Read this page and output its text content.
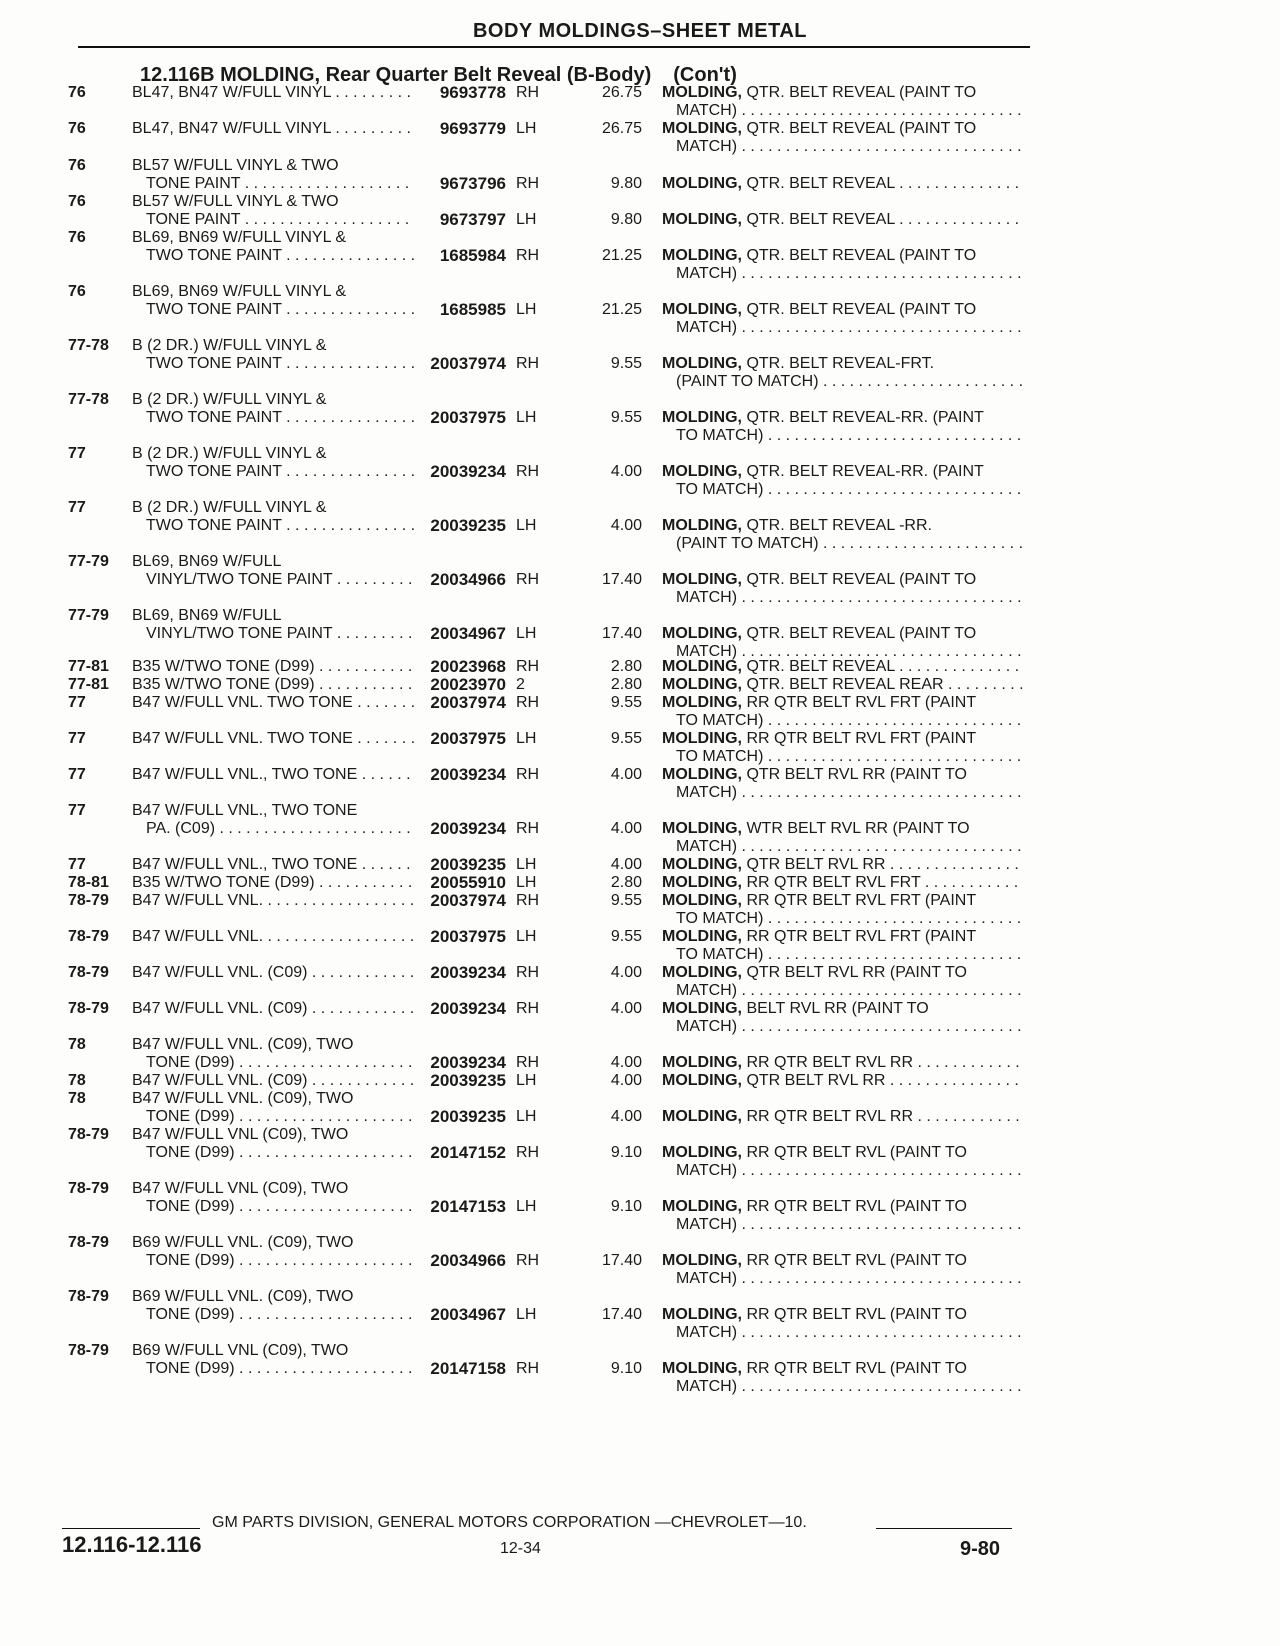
BODY MOLDINGS–SHEET METAL
12.116B MOLDING, Rear Quarter Belt Reveal (B-Body) (Con't)
76	BL47, BN47 W/FULL VINYL . . .	9693778 RH	26.75 MOLDING, QTR. BELT REVEAL (PAINT TO
MATCH) . . .
76	BL47, BN47 W/FULL VINYL . . .	9693779 LH	26.75 MOLDING, QTR. BELT REVEAL (PAINT TO
MATCH) . . .
76	BL57 W/FULL VINYL & TWO
TONE PAINT . . .	9673796 RH	9.80 MOLDING, QTR. BELT REVEAL . . .
76	BL57 W/FULL VINYL & TWO
TONE PAINT . . .	9673797 LH	9.80 MOLDING, QTR. BELT REVEAL . . .
76	BL69, BN69 W/FULL VINYL &
TWO TONE PAINT . . .	1685984 RH	21.25 MOLDING, QTR. BELT REVEAL (PAINT TO
MATCH) . . .
76	BL69, BN69 W/FULL VINYL &
TWO TONE PAINT . . .	1685985 LH	21.25 MOLDING, QTR. BELT REVEAL (PAINT TO
MATCH) . . .
77-78	B (2 DR.) W/FULL VINYL &
TWO TONE PAINT . . .	20037974 RH	9.55 MOLDING, QTR. BELT REVEAL-FRT.
(PAINT TO MATCH) . . .
77-78	B (2 DR.) W/FULL VINYL &
TWO TONE PAINT . . .	20037975 LH	9.55 MOLDING, QTR. BELT REVEAL-RR. (PAINT
TO MATCH) . . .
77	B (2 DR.) W/FULL VINYL &
TWO TONE PAINT . . .	20039234 RH	4.00 MOLDING, QTR. BELT REVEAL-RR. (PAINT
TO MATCH) . . .
77	B (2 DR.) W/FULL VINYL &
TWO TONE PAINT . . .	20039235 LH	4.00 MOLDING, QTR. BELT REVEAL -RR.
(PAINT TO MATCH) . . .
77-79	BL69, BN69 W/FULL
VINYL/TWO TONE PAINT . . .	20034966 RH	17.40 MOLDING, QTR. BELT REVEAL (PAINT TO
MATCH) . . .
77-79	BL69, BN69 W/FULL
VINYL/TWO TONE PAINT . . .	20034967 LH	17.40 MOLDING, QTR. BELT REVEAL (PAINT TO
MATCH) . . .
77-81	B35 W/TWO TONE (D99) . . .	20023968 RH	2.80 MOLDING, QTR. BELT REVEAL . . .
77-81	B35 W/TWO TONE (D99) . . .	20023970 2	2.80 MOLDING, QTR. BELT REVEAL REAR . . .
77	B47 W/FULL VNL. TWO TONE . . .	20037974 RH	9.55 MOLDING, RR QTR BELT RVL FRT (PAINT
TO MATCH) . . .
77	B47 W/FULL VNL. TWO TONE . . .	20037975 LH	9.55 MOLDING, RR QTR BELT RVL FRT (PAINT
TO MATCH) . . .
77	B47 W/FULL VNL., TWO TONE . . .	20039234 RH	4.00 MOLDING, QTR BELT RVL RR (PAINT TO
MATCH) . . .
77	B47 W/FULL VNL., TWO TONE
PA. (C09) . . .	20039234 RH	4.00 MOLDING, WTR BELT RVL RR (PAINT TO
MATCH) . . .
77	B47 W/FULL VNL., TWO TONE . . .	20039235 LH	4.00 MOLDING, QTR BELT RVL RR . . .
78-81	B35 W/TWO TONE (D99) . . .	20055910 LH	2.80 MOLDING, RR QTR BELT RVL FRT . . .
78-79	B47 W/FULL VNL. . . .	20037974 RH	9.55 MOLDING, RR QTR BELT RVL FRT (PAINT
TO MATCH) . . .
78-79	B47 W/FULL VNL. . . .	20037975 LH	9.55 MOLDING, RR QTR BELT RVL FRT (PAINT
TO MATCH) . . .
78-79	B47 W/FULL VNL. (C09) . . .	20039234 RH	4.00 MOLDING, QTR BELT RVL RR (PAINT TO
MATCH) . . .
78-79	B47 W/FULL VNL. (C09) . . .	20039234 RH	4.00 MOLDING, BELT RVL RR (PAINT TO
MATCH) . . .
78	B47 W/FULL VNL. (C09), TWO
TONE (D99) . . .	20039234 RH	4.00 MOLDING, RR QTR BELT RVL RR . . .
78	B47 W/FULL VNL. (C09) . . .	20039235 LH	4.00 MOLDING, QTR BELT RVL RR . . .
78	B47 W/FULL VNL. (C09), TWO
TONE (D99) . . .	20039235 LH	4.00 MOLDING, RR QTR BELT RVL RR . . .
78-79	B47 W/FULL VNL (C09), TWO
TONE (D99) . . .	20147152 RH	9.10 MOLDING, RR QTR BELT RVL (PAINT TO
MATCH) . . .
78-79	B47 W/FULL VNL (C09), TWO
TONE (D99) . . .	20147153 LH	9.10 MOLDING, RR QTR BELT RVL (PAINT TO
MATCH) . . .
78-79	B69 W/FULL VNL. (C09), TWO
TONE (D99) . . .	20034966 RH	17.40 MOLDING, RR QTR BELT RVL (PAINT TO
MATCH) . . .
78-79	B69 W/FULL VNL. (C09), TWO
TONE (D99) . . .	20034967 LH	17.40 MOLDING, RR QTR BELT RVL (PAINT TO
MATCH) . . .
78-79	B69 W/FULL VNL (C09), TWO
TONE (D99) . . .	20147158 RH	9.10 MOLDING, RR QTR BELT RVL (PAINT TO
MATCH) . . .
GM PARTS DIVISION, GENERAL MOTORS CORPORATION —CHEVROLET—10.
12.116-12.116	12-34	9-80
